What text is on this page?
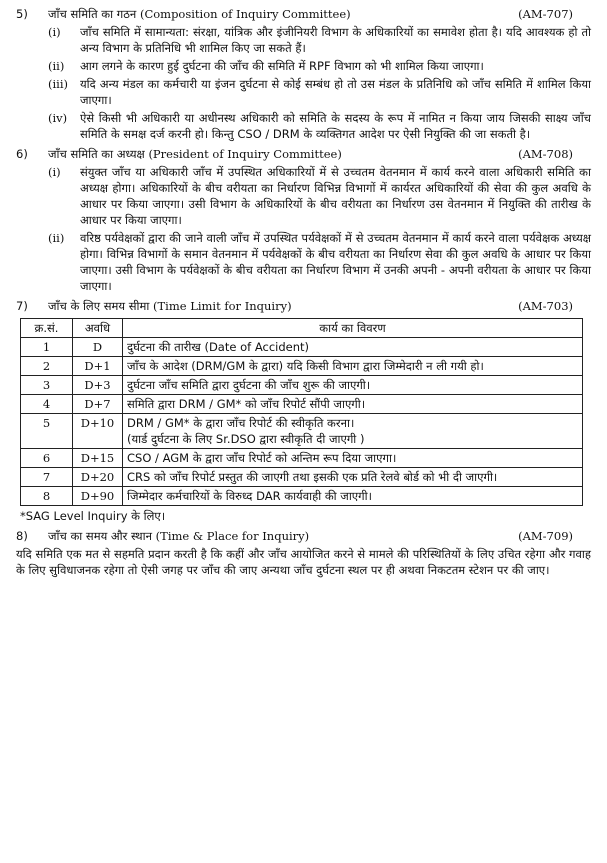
5)	जाँच समिति का गठन (Composition of Inquiry Committee)	(AM-707)
(i)	जाँच समिति में सामान्यता: संरक्षा, यांत्रिक और इंजीनियरी विभाग के अधिकारियों का समावेश होता है। यदि आवश्यक हो तो अन्य विभाग के प्रतिनिधि भी शामिल किए जा सकते हैं।
(ii)	आग लगने के कारण हुई दुर्घटना की जाँच की समिति में RPF विभाग को भी शामिल किया जाएगा।
(iii)	यदि अन्य मंडल का कर्मचारी या इंजन दुर्घटना से कोई सम्बंध हो तो उस मंडल के प्रतिनिधि को जाँच समिति में शामिल किया जाएगा।
(iv)	ऐसे किसी भी अधिकारी या अधीनस्थ अधिकारी को समिति के सदस्य के रूप में नामित न किया जाय जिसकी साक्ष्य जाँच समिति के समक्ष दर्ज करनी हो। किन्तु CSO / DRM के व्यक्तिगत आदेश पर ऐसी नियुक्ति की जा सकती है।
6)	जाँच समिति का अध्यक्ष (President of Inquiry Committee)	(AM-708)
(i)	संयुक्त जाँच या अधिकारी जाँच में उपस्थित अधिकारियों में से उच्चतम वेतनमान में कार्य करने वाला अधिकारी समिति का अध्यक्ष होगा। अधिकारियों के बीच वरीयता का निर्धारण विभिन्न विभागों में कार्यरत अधिकारियों की सेवा की कुल अवधि के आधार पर किया जाएगा। उसी विभाग के अधिकारियों के बीच वरीयता का निर्धारण उस वेतनमान में नियुक्ति की तारीख के आधार पर किया जाएगा।
(ii)	वरिष्ठ पर्यवेक्षकों द्वारा की जाने वाली जाँच में उपस्थित पर्यवेक्षकों में से उच्चतम वेतनमान में कार्य करने वाला पर्यवेक्षक अध्यक्ष होगा। विभिन्न विभागों के समान वेतनमान में पर्यवेक्षकों के बीच वरीयता का निर्धारण सेवा की कुल अवधि के आधार पर किया जाएगा। उसी विभाग के पर्यवेक्षकों के बीच वरीयता का निर्धारण विभाग में उनकी अपनी - अपनी वरीयता के आधार पर किया जाएगा।
7)	जाँच के लिए समय सीमा (Time Limit for Inquiry)	(AM-703)
क्र.सं.	अवधि	कार्य का विवरण
1	D	दुर्घटना की तारीख (Date of Accident)
2	D+1	जाँच के आदेश (DRM/GM के द्वारा) यदि किसी विभाग द्वारा जिम्मेदारी न ली गयी हो।
3	D+3	दुर्घटना जाँच समिति द्वारा दुर्घटना की जाँच शुरू की जाएगी।
4	D+7	समिति द्वारा DRM / GM* को जाँच रिपोर्ट सौंपी जाएगी।
5	D+10	DRM / GM* के द्वारा जाँच रिपोर्ट की स्वीकृति करना।
(यार्ड दुर्घटना के लिए Sr.DSO द्वारा स्वीकृति दी जाएगी )

6	D+15	CSO / AGM के द्वारा जाँच रिपोर्ट को अन्तिम रूप दिया जाएगा।
7	D+20	CRS को जाँच रिपोर्ट प्रस्तुत की जाएगी तथा इसकी एक प्रति रेलवे बोर्ड को भी दी जाएगी।
8	D+90	जिम्मेदार कर्मचारियों के विरुध्द DAR कार्यवाही की जाएगी।
*SAG Level Inquiry के लिए।
8)	जाँच का समय और स्थान (Time & Place for Inquiry)	(AM-709)
यदि समिति एक मत से सहमति प्रदान करती है कि कहीं और जाँच आयोजित करने से मामले की परिस्थितियों के लिए उचित रहेगा और गवाह के लिए सुविधाजनक रहेगा तो ऐसी जगह पर जाँच की जाए अन्यथा जाँच दुर्घटना स्थल पर ही अथवा निकटतम स्टेशन पर की जाए।
